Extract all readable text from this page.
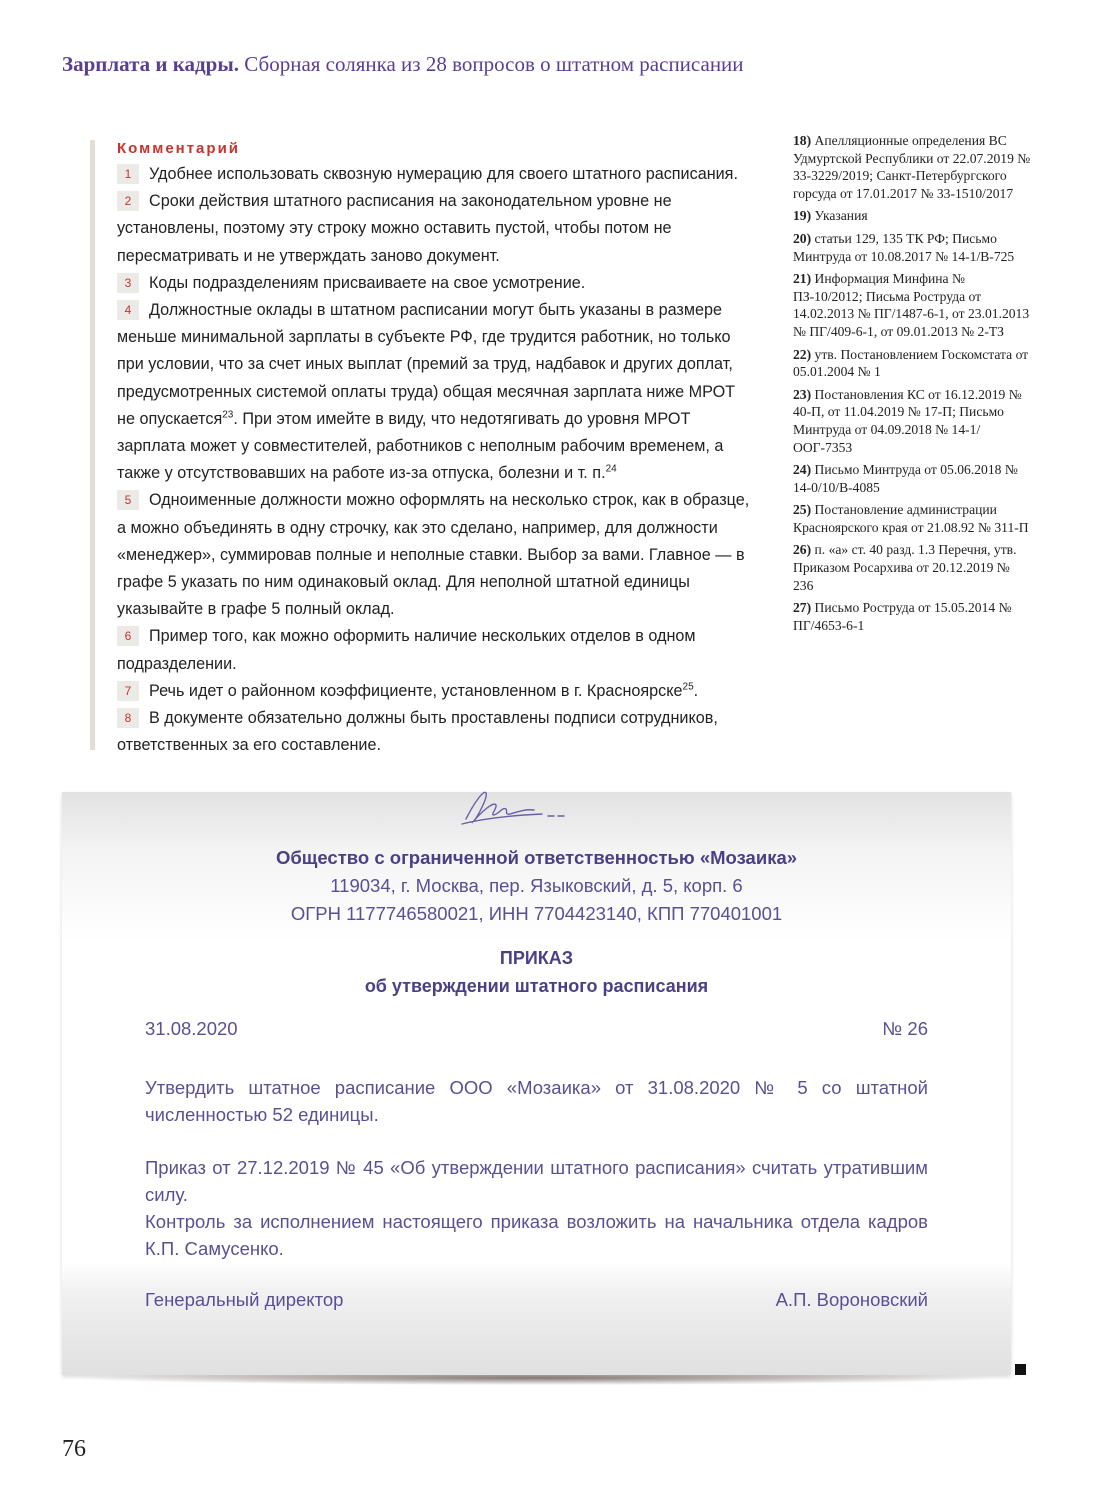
Зарплата и кадры. Сборная солянка из 28 вопросов о штатном расписании
Комментарий
1 Удобнее использовать сквозную нумерацию для своего штатного расписания.
2 Сроки действия штатного расписания на законодательном уровне не установлены, поэтому эту строку можно оставить пустой, чтобы потом не пересматривать и не утверждать заново документ.
3 Коды подразделениям присваиваете на свое усмотрение.
4 Должностные оклады в штатном расписании могут быть указаны в размере меньше минимальной зарплаты в субъекте РФ, где трудится работник, но только при условии, что за счет иных выплат (премий за труд, надбавок и других доплат, предусмотренных системой оплаты труда) общая месячная зарплата ниже МРОТ не опускается$^{23}$. При этом имейте в виду, что недотягивать до уровня МРОТ зарплата может у совместителей, работников с неполным рабочим временем, а также у отсутствовавших на работе из-за отпуска, болезни и т. п.$^{24}$
5 Одноименные должности можно оформлять на несколько строк, как в образце, а можно объединять в одну строчку, как это сделано, например, для должности «менеджер», суммировав полные и неполные ставки. Выбор за вами. Главное — в графе 5 указать по ним одинаковый оклад. Для неполной штатной единицы указывайте в графе 5 полный оклад.
6 Пример того, как можно оформить наличие нескольких отделов в одном подразделении.
7 Речь идет о районном коэффициенте, установленном в г. Красноярске$^{25}$.
8 В документе обязательно должны быть проставлены подписи сотрудников, ответственных за его составление.
18) Апелляционные определения ВС Удмуртской Республики от 22.07.2019 № 33-3229/2019; Санкт-Петербургского горсуда от 17.01.2017 № 33-1510/2017
19) Указания
20) статьи 129, 135 ТК РФ; Письмо Минтруда от 10.08.2017 № 14-1/В-725
21) Информация Минфина № ПЗ-10/2012; Письма Роструда от 14.02.2013 № ПГ/1487-6-1, от 23.01.2013 № ПГ/409-6-1, от 09.01.2013 № 2-ТЗ
22) утв. Постановлением Госкомстата от 05.01.2004 № 1
23) Постановления КС от 16.12.2019 № 40-П, от 11.04.2019 № 17-П; Письмо Минтруда от 04.09.2018 № 14-1/ООГ-7353
24) Письмо Минтруда от 05.06.2018 № 14-0/10/В-4085
25) Постановление администрации Красноярского края от 21.08.92 № 311-П
26) п. «а» ст. 40 разд. 1.3 Перечня, утв. Приказом Росархива от 20.12.2019 № 236
27) Письмо Роструда от 15.05.2014 № ПГ/4653-6-1
Общество с ограниченной ответственностью «Мозаика»
119034, г. Москва, пер. Языковский, д. 5, корп. 6
ОГРН 1177746580021, ИНН 7704423140, КПП 770401001
ПРИКАЗ
об утверждении штатного расписания
31.08.2020	№ 26
Утвердить штатное расписание ООО «Мозаика» от 31.08.2020 № 5 со штатной численностью 52 единицы.
Приказ от 27.12.2019 № 45 «Об утверждении штатного расписания» считать утратившим силу.
Контроль за исполнением настоящего приказа возложить на начальника отдела кадров К.П. Самусенко.
Генеральный директор	А.П. Вороновский
76
